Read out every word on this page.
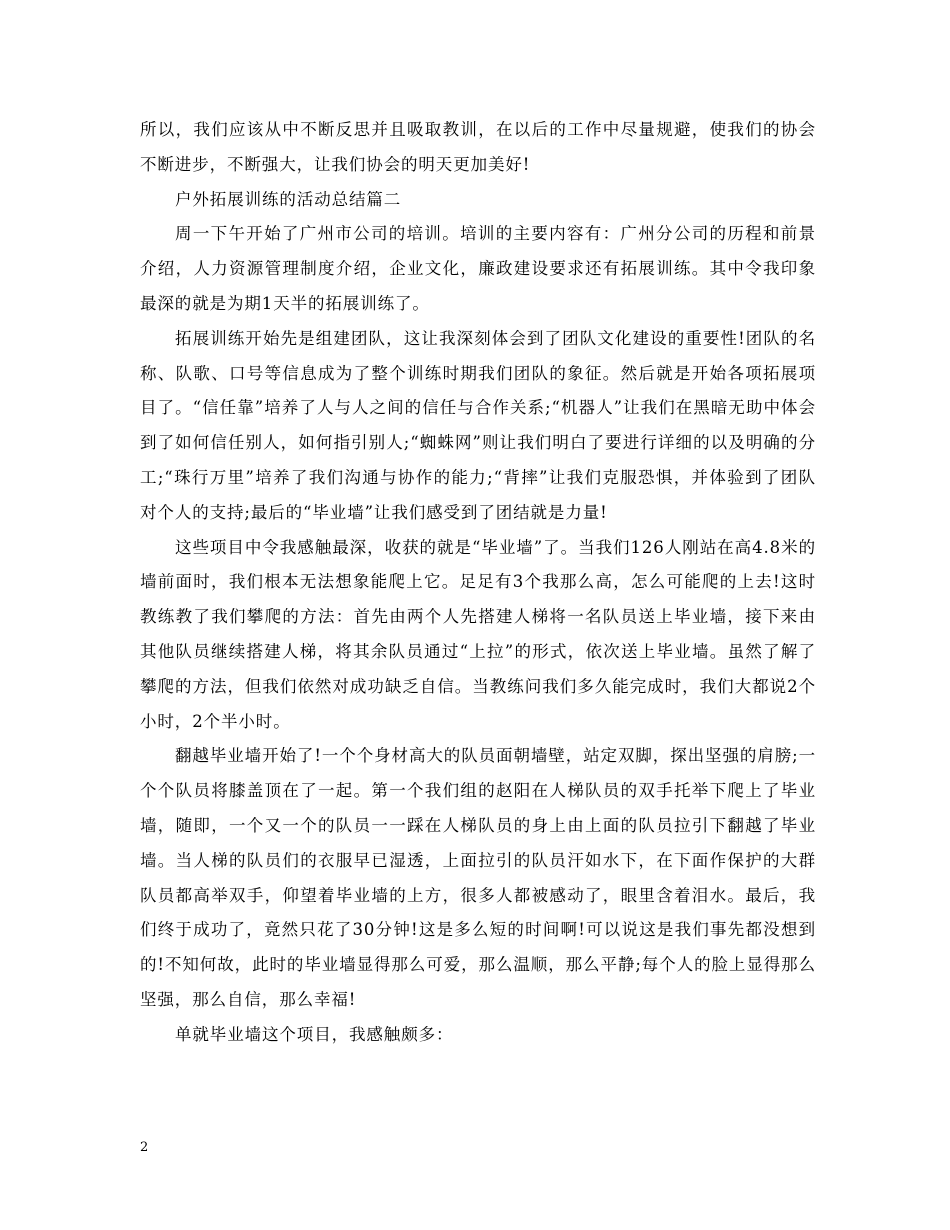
所以，我们应该从中不断反思并且吸取教训，在以后的工作中尽量规避，使我们的协会不断进步，不断强大，让我们协会的明天更加美好!

户外拓展训练的活动总结篇二

周一下午开始了广州市公司的培训。培训的主要内容有：广州分公司的历程和前景介绍，人力资源管理制度介绍，企业文化，廉政建设要求还有拓展训练。其中令我印象最深的就是为期1天半的拓展训练了。

拓展训练开始先是组建团队，这让我深刻体会到了团队文化建设的重要性!团队的名称、队歌、口号等信息成为了整个训练时期我们团队的象征。然后就是开始各项拓展项目了。“信任靠”培养了人与人之间的信任与合作关系;“机器人”让我们在黑暗无助中体会到了如何信任别人，如何指引别人;“蜘蛛网”则让我们明白了要进行详细的以及明确的分工;“珠行万里”培养了我们沟通与协作的能力;“背摔”让我们克服恐惧，并体验到了团队对个人的支持;最后的“毕业墙”让我们感受到了团结就是力量!

这些项目中令我感触最深，收获的就是“毕业墙”了。当我们126人刚站在高4.8米的墙前面时，我们根本无法想象能爬上它。足足有3个我那么高，怎么可能爬的上去!这时教练教了我们攀爬的方法：首先由两个人先搭建人梯将一名队员送上毕业墙，接下来由其他队员继续搭建人梯，将其余队员通过“上拉”的形式，依次送上毕业墙。虽然了解了攀爬的方法，但我们依然对成功缺乏自信。当教练问我们多久能完成时，我们大都说2个小时，2个半小时。

翻越毕业墙开始了!一个个身材高大的队员面朝墙壁，站定双脚，探出坚强的肩膀;一个个队员将膝盖顶在了一起。第一个我们组的赵阳在人梯队员的双手托举下爬上了毕业墙，随即，一个又一个的队员一一踩在人梯队员的身上由上面的队员拉引下翻越了毕业墙。当人梯的队员们的衣服早已湿透，上面拉引的队员汗如水下，在下面作保护的大群队员都高举双手，仰望着毕业墙的上方，很多人都被感动了，眼里含着泪水。最后，我们终于成功了，竟然只花了30分钟!这是多么短的时间啊!可以说这是我们事先都没想到的!不知何故，此时的毕业墙显得那么可爱，那么温顺，那么平静;每个人的脸上显得那么坚强，那么自信，那么幸福!

单就毕业墙这个项目，我感触颇多：

2
